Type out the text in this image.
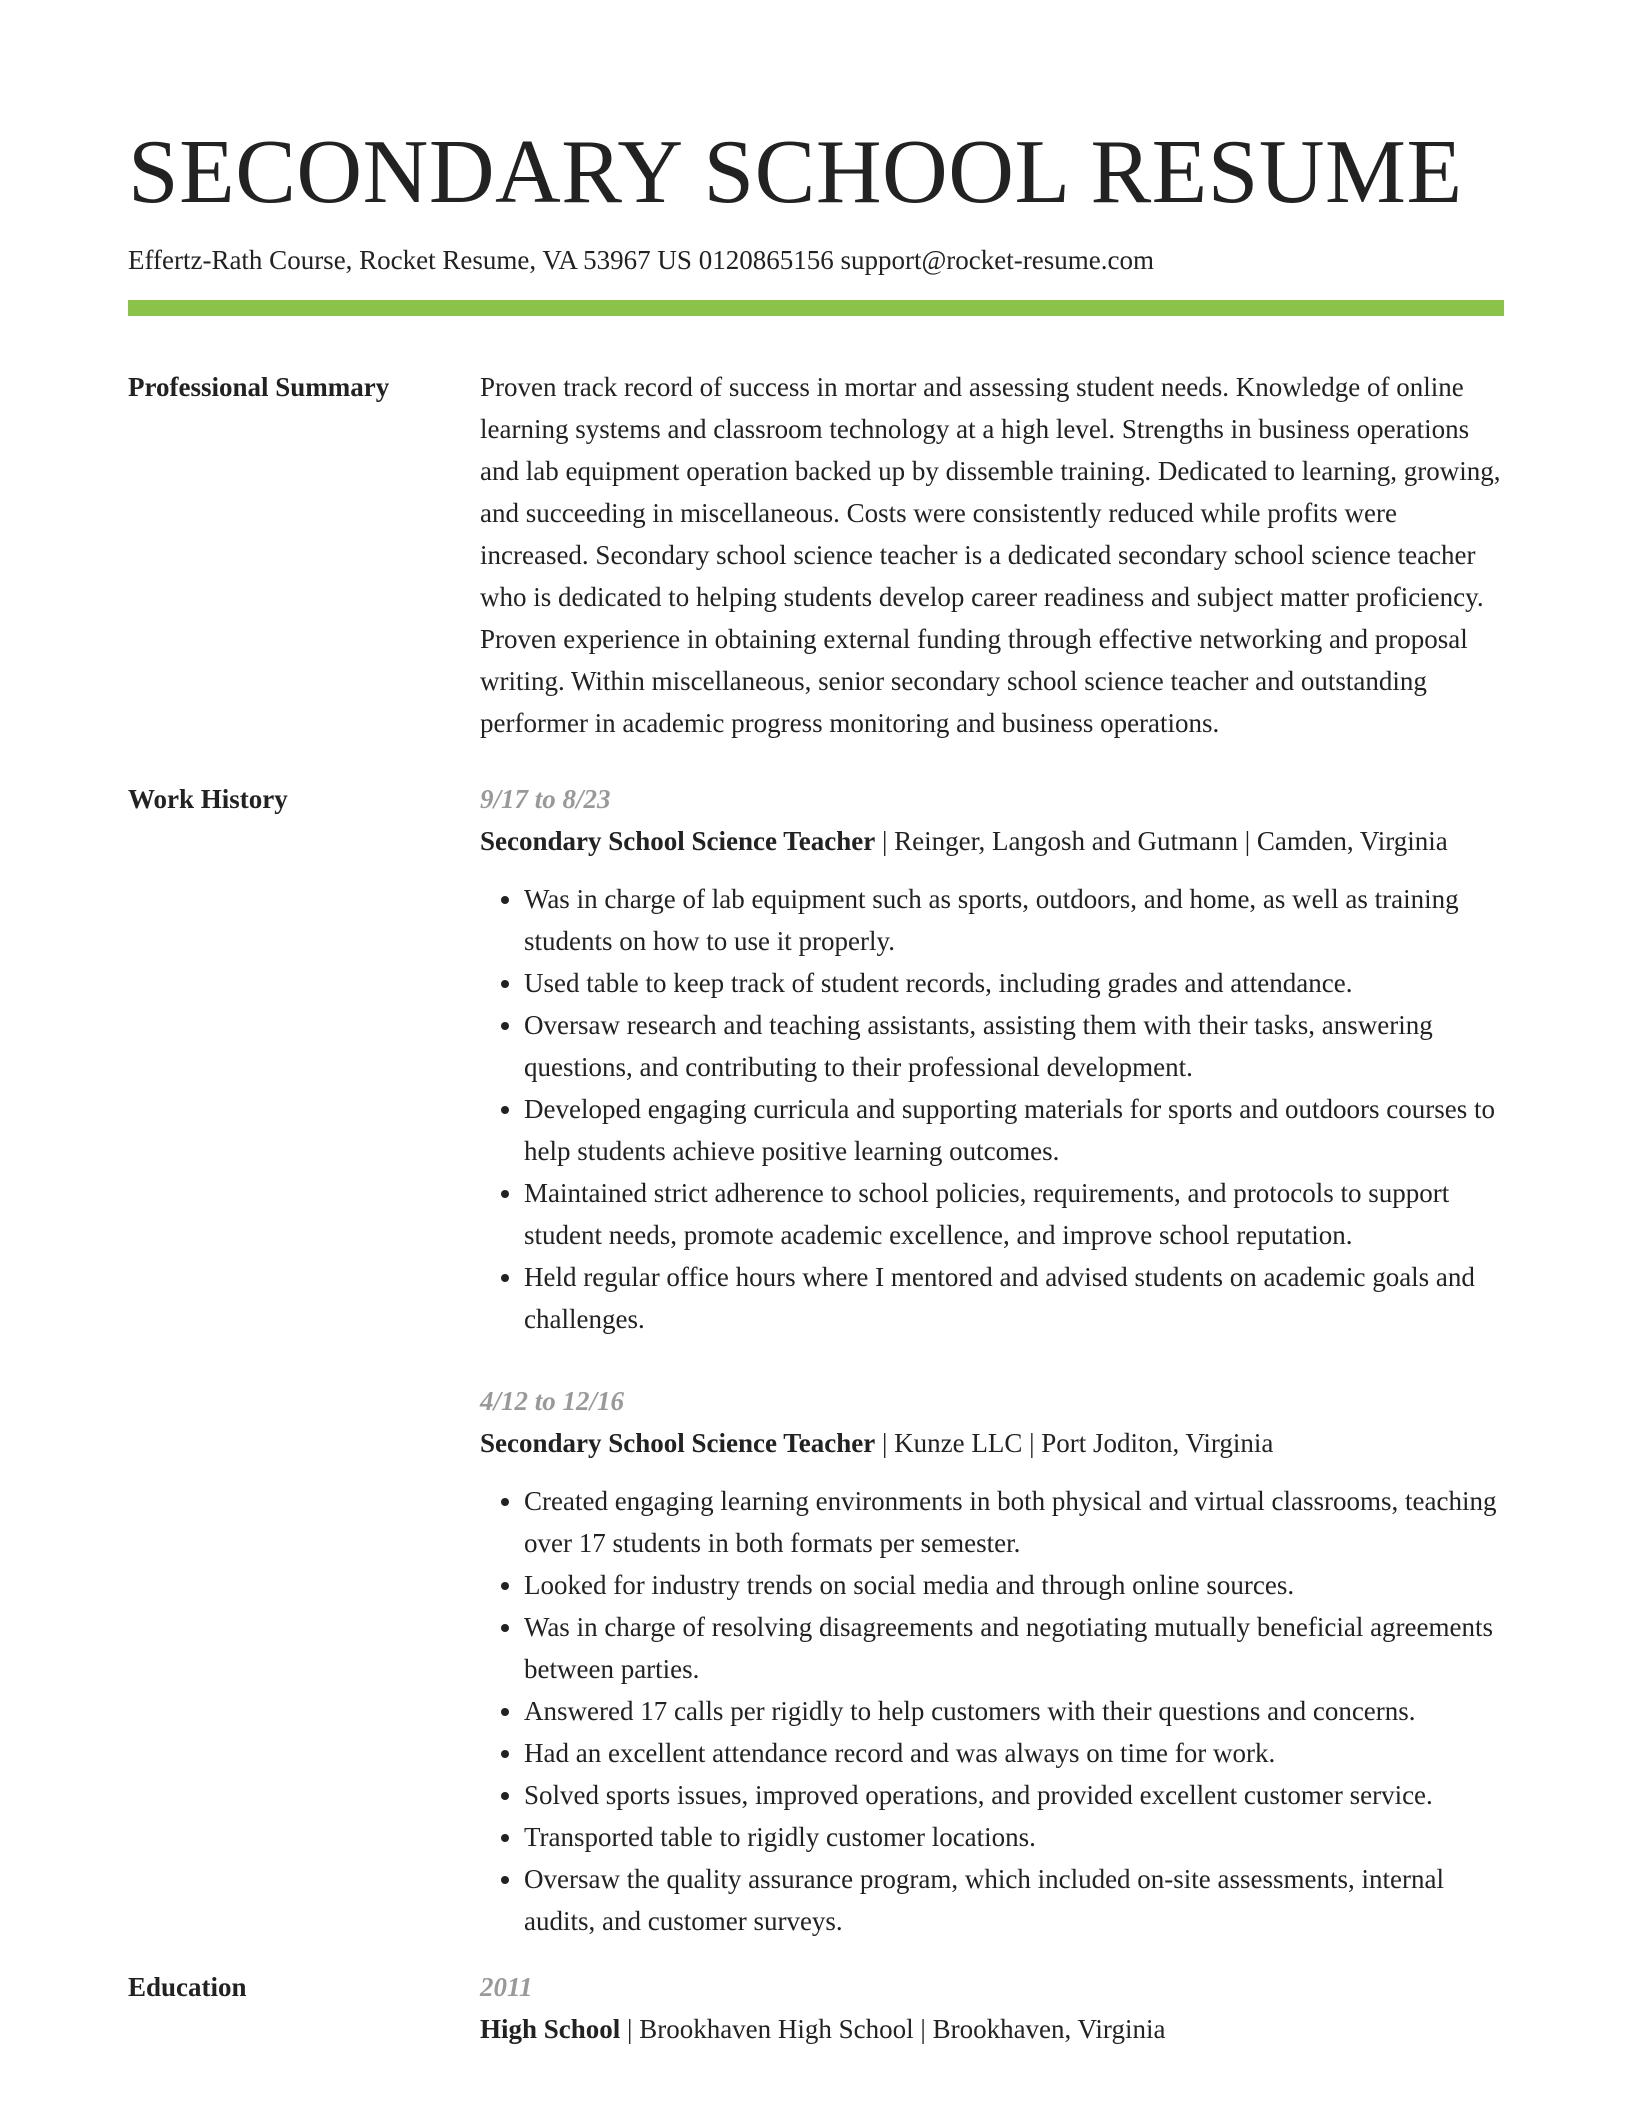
SECONDARY SCHOOL RESUME
Effertz-Rath Course, Rocket Resume, VA 53967 US 0120865156 support@rocket-resume.com
Professional Summary	Proven track record of success in mortar and assessing student needs. Knowledge of online learning systems and classroom technology at a high level. Strengths in business operations and lab equipment operation backed up by dissemble training. Dedicated to learning, growing, and succeeding in miscellaneous. Costs were consistently reduced while profits were increased. Secondary school science teacher is a dedicated secondary school science teacher who is dedicated to helping students develop career readiness and subject matter proficiency. Proven experience in obtaining external funding through effective networking and proposal writing. Within miscellaneous, senior secondary school science teacher and outstanding performer in academic progress monitoring and business operations.

Work History	9/17 to 8/23

Secondary School Science Teacher | Reinger, Langosh and Gutmann | Camden, Virginia

• Was in charge of lab equipment such as sports, outdoors, and home, as well as training students on how to use it properly.
• Used table to keep track of student records, including grades and attendance.
• Oversaw research and teaching assistants, assisting them with their tasks, answering questions, and contributing to their professional development.
• Developed engaging curricula and supporting materials for sports and outdoors courses to help students achieve positive learning outcomes.
• Maintained strict adherence to school policies, requirements, and protocols to support student needs, promote academic excellence, and improve school reputation.
• Held regular office hours where I mentored and advised students on academic goals and challenges.
4/12 to 12/16

Secondary School Science Teacher | Kunze LLC | Port Joditon, Virginia

• Created engaging learning environments in both physical and virtual classrooms, teaching over 17 students in both formats per semester.
• Looked for industry trends on social media and through online sources.
• Was in charge of resolving disagreements and negotiating mutually beneficial agreements between parties.
• Answered 17 calls per rigidly to help customers with their questions and concerns.
• Had an excellent attendance record and was always on time for work.
• Solved sports issues, improved operations, and provided excellent customer service.
• Transported table to rigidly customer locations.
• Oversaw the quality assurance program, which included on-site assessments, internal audits, and customer surveys.
Education	2011

High School | Brookhaven High School | Brookhaven, Virginia
